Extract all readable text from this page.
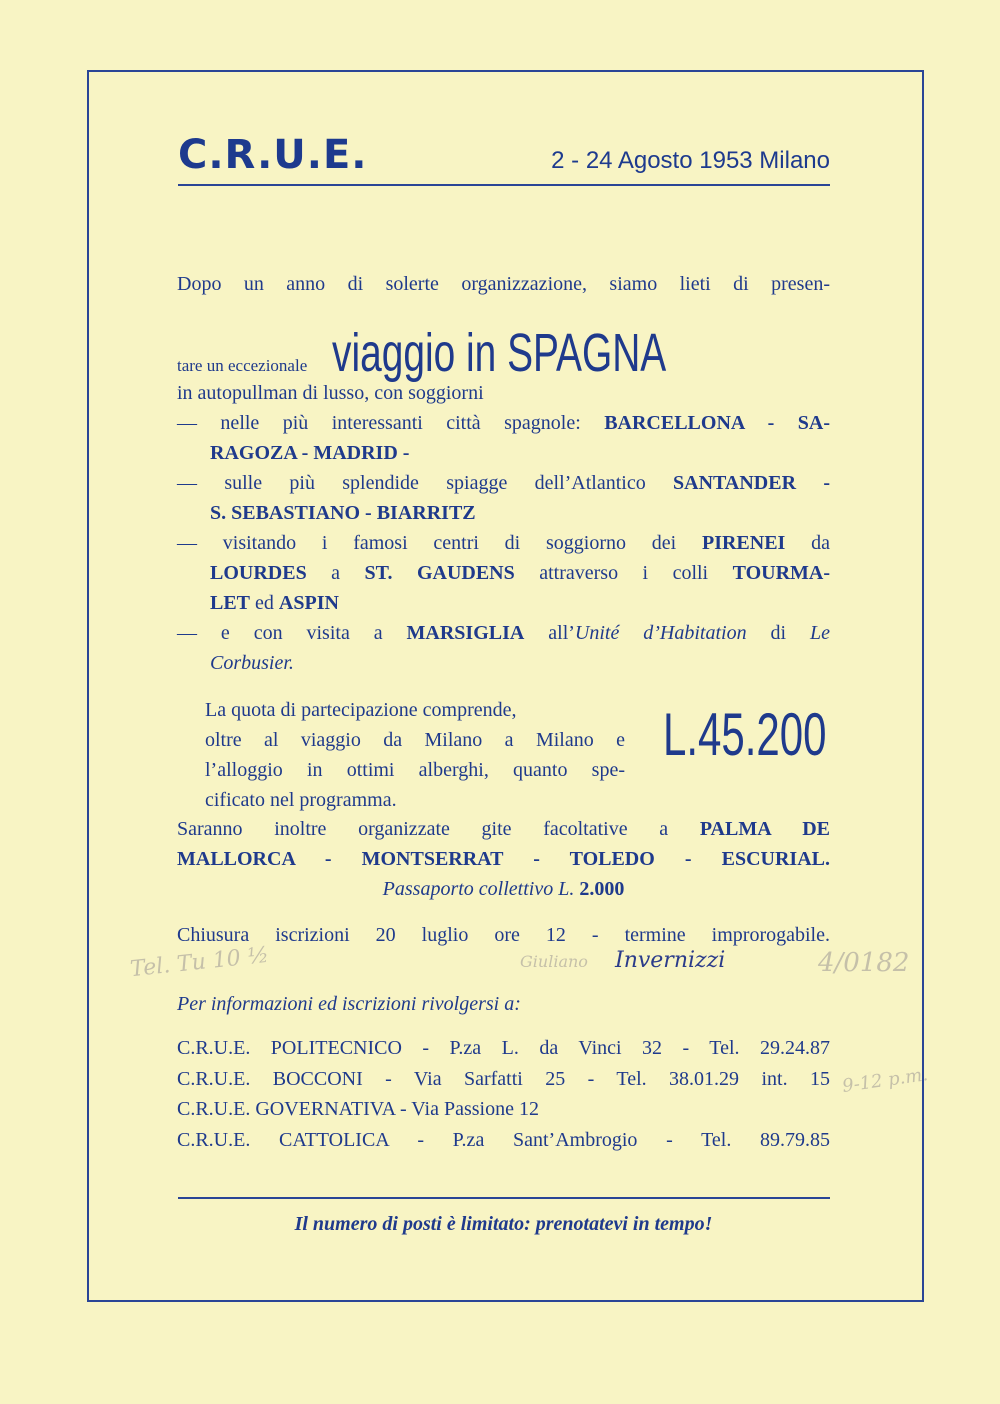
C.R.U.E.	2 - 24 Agosto 1953 Milano
Dopo un anno di solerte organizzazione, siamo lieti di presen-
tare un eccezionale viaggio in SPAGNA
in autopullman di lusso, con soggiorni
— nelle più interessanti città spagnole: BARCELLONA - SA-
RAGOZA - MADRID -
— sulle più splendide spiagge dell’Atlantico SANTANDER -
S. SEBASTIANO - BIARRITZ
— visitando i famosi centri di soggiorno dei PIRENEI da
LOURDES a ST. GAUDENS attraverso i colli TOURMA-
LET ed ASPIN
— e con visita a MARSIGLIA all’Unité d’Habitation di Le
Corbusier.
La quota di partecipazione comprende,
oltre al viaggio da Milano a Milano e
l’alloggio in ottimi alberghi, quanto spe-
cificato nel programma.
L.45.200
Saranno inoltre organizzate gite facoltative a PALMA DE
MALLORCA - MONTSERRAT - TOLEDO - ESCURIAL.
Passaporto collettivo L. 2.000
Chiusura iscrizioni 20 luglio ore 12 - termine improrogabile.
Tel. Tu 10 ½	Giuliano Invernizzi	4/0182
9-12 p.m.
Per informazioni ed iscrizioni rivolgersi a:
C.R.U.E. POLITECNICO - P.za L. da Vinci 32 - Tel. 29.24.87
C.R.U.E. BOCCONI - Via Sarfatti 25 - Tel. 38.01.29 int. 15
C.R.U.E. GOVERNATIVA - Via Passione 12
C.R.U.E. CATTOLICA - P.za Sant’Ambrogio - Tel. 89.79.85
Il numero di posti è limitato: prenotatevi in tempo!
